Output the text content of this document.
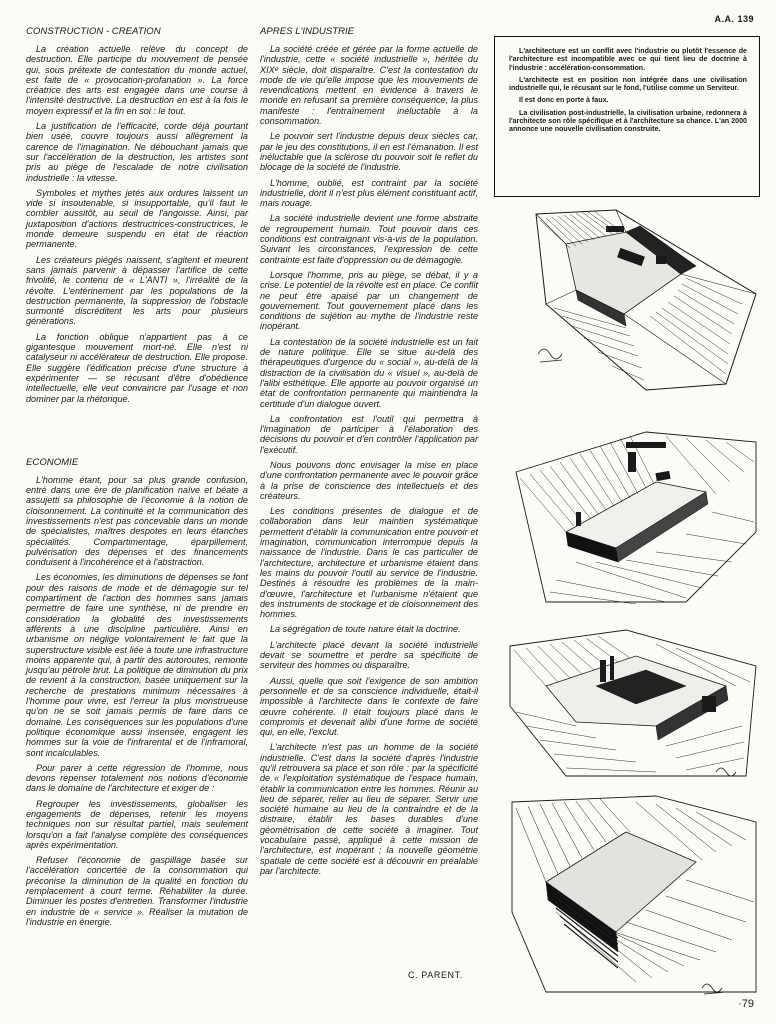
A.A. 139
CONSTRUCTION - CREATION

La création actuelle relève du concept de destruction. Elle participe du mouvement de pensée qui, sous prétexte de contestation du monde actuel, est faite de « provocation-profanation ». La force créatrice des arts est engagée dans une course à l'intensité destructive. La destruction en est à la fois le moyen expressif et la fin en soi : le tout.

La justification de l'efficacité, corde déjà pourtant bien usée, couvre toujours aussi allègrement la carence de l'imagination. Ne débouchant jamais que sur l'accélération de la destruction, les artistes sont pris au piège de l'escalade de notre civilisation industrielle : la vitesse.

Symboles et mythes jetés aux ordures laissent un vide si insoutenable, si insupportable, qu'il faut le combler aussitôt, au seuil de l'angoisse. Ainsi, par juxtaposition d'actions destructrices-constructrices, le monde demeure suspendu en état de réaction permanente.

Les créateurs piégés naissent, s'agitent et meurent sans jamais parvenir à dépasser l'artifice de cette frivolité, le contenu de « L'ANTI », l'irréalité de la révolte. L'entérinement par les populations de la destruction permanente, la suppression de l'obstacle surmonté discréditent les arts pour plusieurs générations.

La fonction oblique n'appartient pas à ce gigantesque mouvement mort-né. Elle n'est ni catalyseur ni accélérateur de destruction. Elle propose. Elle suggère l'édification précise d'une structure à expérimenter — se récusant d'être d'obédience intellectuelle, elle veut convaincre par l'usage et non dominer par la rhétorique.

ECONOMIE

L'homme étant, pour sa plus grande confusion, entré dans une ère de planification naïve et béate a assujetti sa philosophie de l'économie à la notion de cloisonnement. La continuité et la communication des investissements n'est pas concevable dans un monde de spécialistes, maîtres despotes en leurs étanches spécialités. Compartimentage, éparpillement, pulvérisation des dépenses et des financements conduisent à l'incohérence et à l'abstraction.

Les économies, les diminutions de dépenses se font pour des raisons de mode et de démagogie sur tel compartiment de l'action des hommes sans jamais permettre de faire une synthèse, ni de prendre en considération la globalité des investissements afférents à une discipline particulière. Ainsi en urbanisme on néglige volontairement le fait que la superstructure visible est liée à toute une infrastructure moins apparente qui, à partir des autoroutes, remonte jusqu'au pétrole brut. La politique de diminution du prix de revient à la construction, basée uniquement sur la recherche de prestations minimum nécessaires à l'homme pour vivre, est l'erreur la plus monstrueuse qu'on ne se soit jamais permis de faire dans ce domaine. Les conséquences sur les populations d'une politique économique aussi insensée, engagent les hommes sur la voie de l'infrarental et de l'inframoral, sont incalculables.

Pour parer à cette régression de l'homme, nous devons repenser totalement nos notions d'économie dans le domaine de l'architecture et exiger de :

Regrouper les investissements, globaliser les engagements de dépenses, retenir les moyens techniques non sur résultat partiel, mais seulement lorsqu'on a fait l'analyse complète des conséquences après expérimentation.

Refuser l'économie de gaspillage basée sur l'accélération concertée de la consommation qui préconise la diminution de la qualité en fonction du remplacement à court terme. Réhabiliter la durée. Diminuer les postes d'entretien. Transformer l'industrie en industrie de « service ». Réaliser la mutation de l'industrie en énergie.

APRES L'INDUSTRIE

La société créée et gérée par la forme actuelle de l'industrie, cette « société industrielle », héritée du XIXᵉ siècle, doit disparaître. C'est la contestation du mode de vie qu'elle impose que les mouvements de revendications mettent en évidence à travers le monde en refusant sa première conséquence, la plus manifeste : l'entraînement inéluctable à la consommation.

Le pouvoir sert l'industrie depuis deux siècles car, par le jeu des constitutions, il en est l'émanation. Il est inéluctable que la sclérose du pouvoir soit le reflet du blocage de la société de l'industrie.

L'homme, oublié, est contraint par la société industrielle, dont il n'est plus élément constituant actif, mais rouage.

La société industrielle devient une forme abstraite de regroupement humain. Tout pouvoir dans ces conditions est contraignant vis-à-vis de la population. Suivant les circonstances, l'expression de cette contrainte est faite d'oppression ou de démagogie.

Lorsque l'homme, pris au piège, se débat, il y a crise. Le potentiel de la révolte est en place. Ce conflit ne peut être apaisé par un changement de gouvernement. Tout gouvernement placé dans les conditions de sujétion au mythe de l'industrie reste inopérant.

La contestation de la société industrielle est un fait de nature politique. Elle se situe au-delà des thérapeutiques d'urgence du « social », au-delà de la distraction de la civilisation du « visuel », au-delà de l'alibi esthétique. Elle apporte au pouvoir organisé un état de confrontation permanente qui maintiendra la certitude d'un dialogue ouvert.

La confrontation est l'outil qui permettra à l'imagination de participer à l'élaboration des décisions du pouvoir et d'en contrôler l'application par l'exécutif.

Nous pouvons donc envisager la mise en place d'une confrontation permanente avec le pouvoir grâce à la prise de conscience des intellectuels et des créateurs.

Les conditions présentes de dialogue et de collaboration dans leur maintien systématique permettent d'établir la communication entre pouvoir et imagination, communication interrompue depuis la naissance de l'industrie. Dans le cas particulier de l'architecture, architecture et urbanisme étaient dans les mains du pouvoir l'outil au service de l'industrie. Destinés à résoudre les problèmes de la main-d'œuvre, l'architecture et l'urbanisme n'étaient que des instruments de stockage et de cloisonnement des hommes.

La ségrégation de toute nature était la doctrine.

L'architecte placé devant la société industrielle devait se soumettre et perdre sa spécificité de serviteur des hommes ou disparaître.

Aussi, quelle que soit l'exigence de son ambition personnelle et de sa conscience individuelle, était-il impossible à l'architecte dans le contexte de faire œuvre cohérente. Il était toujours placé dans le compromis et devenait alibi d'une forme de société qui, en elle, l'exclut.

L'architecte n'est pas un homme de la société industrielle. C'est dans la société d'après l'industrie qu'il retrouvera sa place et son rôle : par la spécificité de « l'exploitation systématique de l'espace humain, établir la communication entre les hommes. Réunir au lieu de séparer, relier au lieu de séparer. Servir une société humaine au lieu de la contraindre et de la distraire, établir les bases durables d'une géométrisation de cette société à imaginer. Tout vocabulaire passé, appliqué à cette mission de l'architecture, est inopérant ; la nouvelle géométrie spatiale de cette société est à découvrir en préalable par l'architecte.

L'architecture est un conflit avec l'industrie ou plutôt l'essence de l'architecture est incompatible avec ce qui tient lieu de doctrine à l'industrie : accélération-consommation.

L'architecte est en position non intégrée dans une civilisation industrielle qui, le récusant sur le fond, l'utilise comme un Serviteur.

Il est donc en porte à faux.

La civilisation post-industrielle, la civilisation urbaine, redonnera à l'architecte son rôle spécifique et à l'architecture sa chance. L'an 2000 annonce une nouvelle civilisation construite.

C. PARENT.
·79
